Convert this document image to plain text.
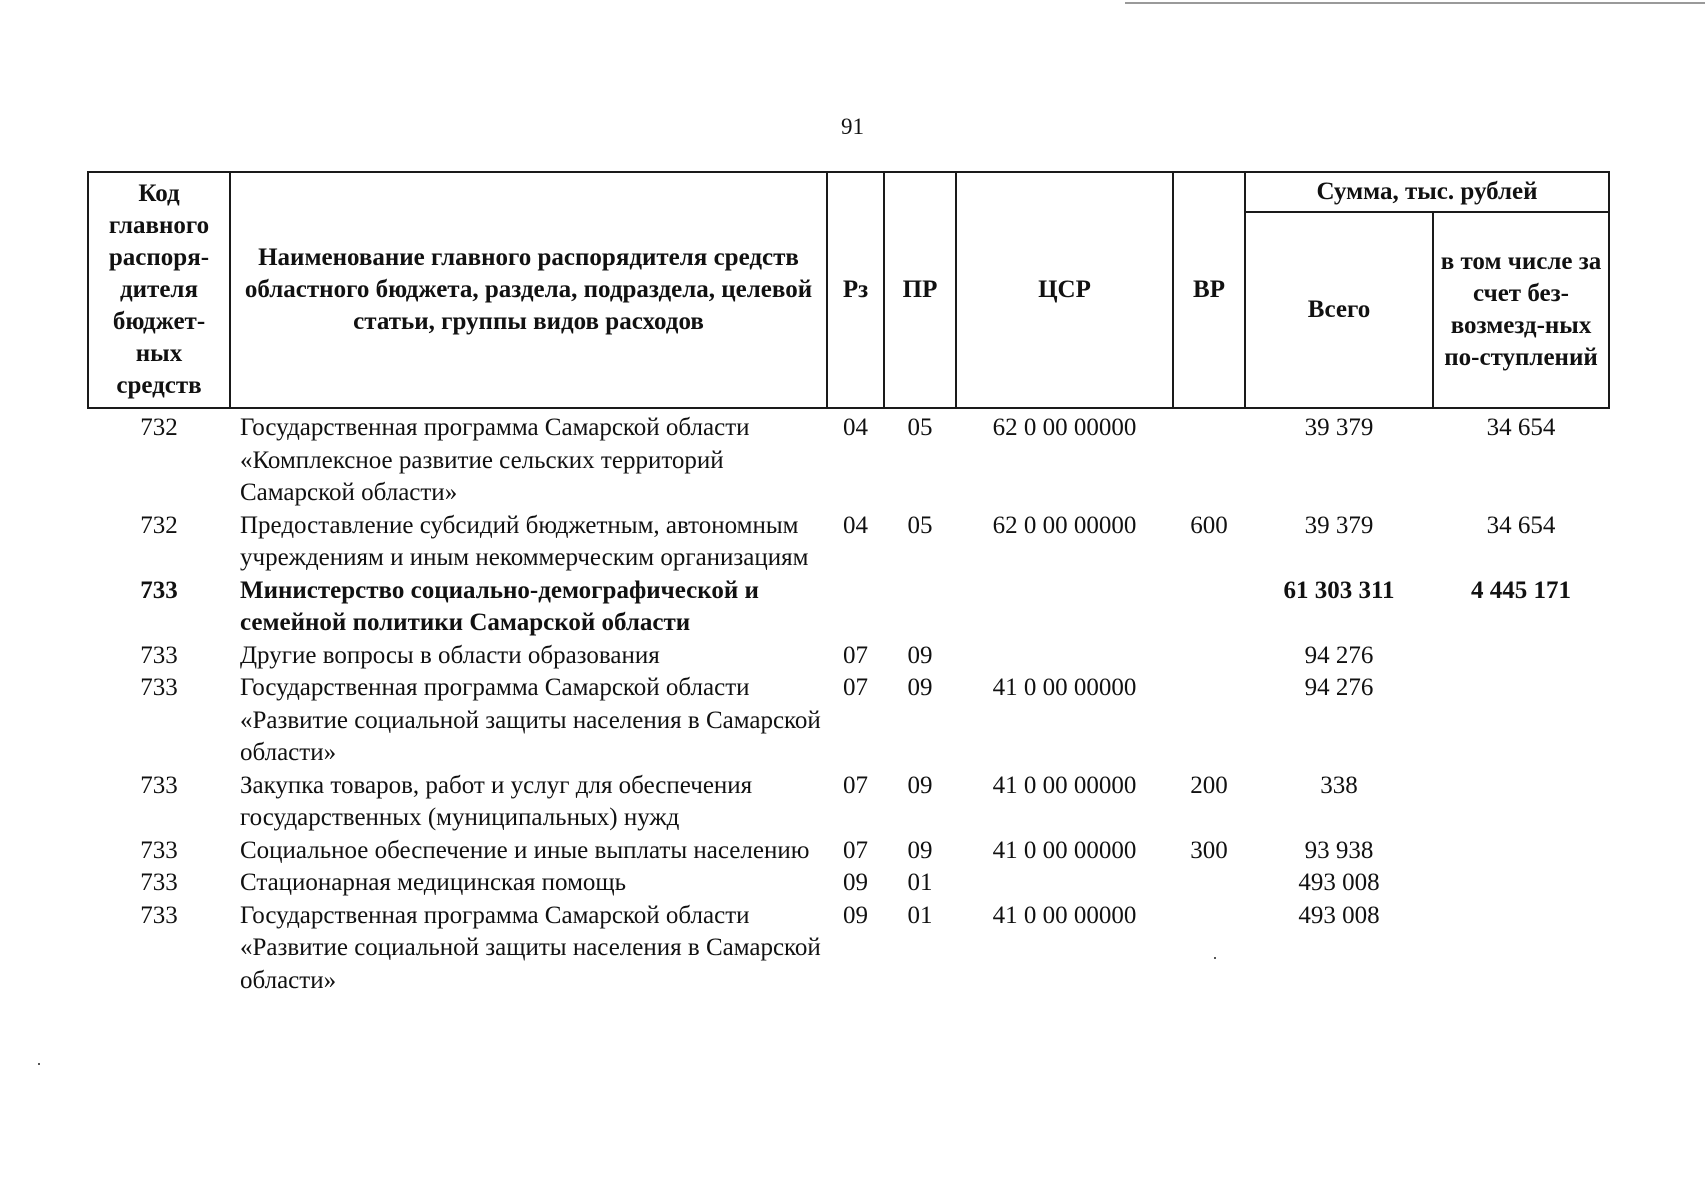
91
Код главного распоря-дителя бюджет-ных средств	Наименование главного распорядителя средств областного бюджета, раздела, подраздела, целевой статьи, группы видов расходов	Рз	ПР	ЦСР	ВР	Сумма, тыс. рублей	
						Всего	в том числе за счет без-возмезд-ных по-ступлений
732	Государственная программа Самарской области «Комплексное развитие сельских территорий Самарской области»	04	05	62 0 00 00000		39 379	34 654
732	Предоставление субсидий бюджетным, автономным учреждениям и иным некоммерческим организациям	04	05	62 0 00 00000	600	39 379	34 654
733	Министерство социально-демографической и семейной политики Самарской области					61 303 311	4 445 171
733	Другие вопросы в области образования	07	09			94 276	
733	Государственная программа Самарской области «Развитие социальной защиты населения в Самарской области»	07	09	41 0 00 00000		94 276	
733	Закупка товаров, работ и услуг для обеспечения государственных (муниципальных) нужд	07	09	41 0 00 00000	200	338	
733	Социальное обеспечение и иные выплаты населению	07	09	41 0 00 00000	300	93 938	
733	Стационарная медицинская помощь	09	01			493 008	
733	Государственная программа Самарской области «Развитие социальной защиты населения в Самарской области»	09	01	41 0 00 00000		493 008	
